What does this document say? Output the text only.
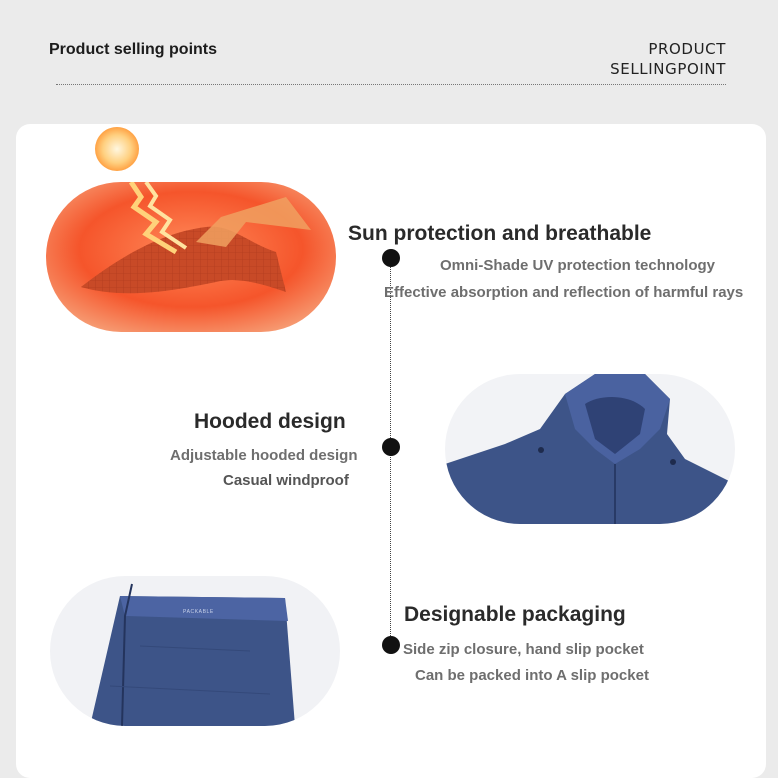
Product selling points	PRODUCT
SELLINGPOINT
Sun protection and breathable
Omni-Shade UV protection technology
Effective absorption and reflection of harmful rays
Hooded design
Adjustable hooded design
Casual windproof
PACKABLE	Designable packaging
Side zip closure, hand slip pocket
Can be packed into A slip pocket
